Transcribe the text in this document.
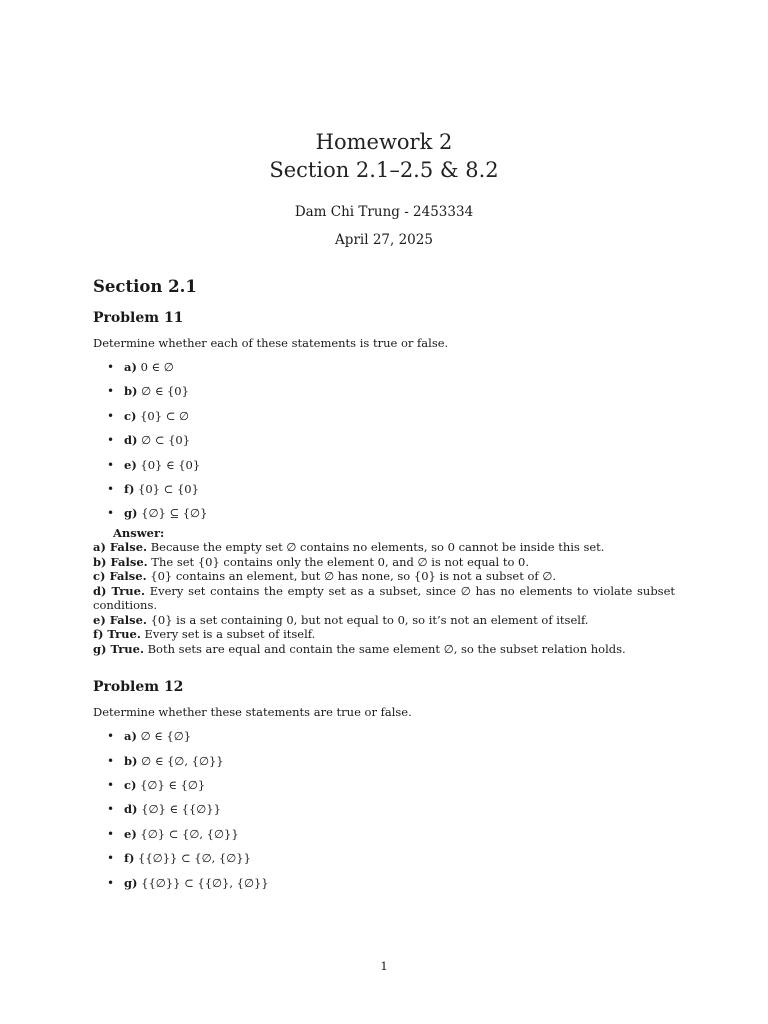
Homework 2
Section 2.1–2.5 & 8.2
Dam Chi Trung - 2453334
April 27, 2025
Section 2.1
Problem 11

Determine whether each of these statements is true or false.

• a) 0 ∈ ∅
• b) ∅ ∈ {0}
• c) {0} ⊂ ∅
• d) ∅ ⊂ {0}
• e) {0} ∈ {0}
• f) {0} ⊂ {0}
• g) {∅} ⊆ {∅}
Answer:
a) False. Because the empty set ∅ contains no elements, so 0 cannot be inside this set.
b) False. The set {0} contains only the element 0, and ∅ is not equal to 0.
c) False. {0} contains an element, but ∅ has none, so {0} is not a subset of ∅.
d) True. Every set contains the empty set as a subset, since ∅ has no elements to violate subset conditions.
e) False. {0} is a set containing 0, but not equal to 0, so it’s not an element of itself.
f) True. Every set is a subset of itself.
g) True. Both sets are equal and contain the same element ∅, so the subset relation holds.
Problem 12

Determine whether these statements are true or false.

• a) ∅ ∈ {∅}
• b) ∅ ∈ {∅, {∅}}
• c) {∅} ∈ {∅}
• d) {∅} ∈ {{∅}}
• e) {∅} ⊂ {∅, {∅}}
• f) {{∅}} ⊂ {∅, {∅}}
• g) {{∅}} ⊂ {{∅}, {∅}}
1
